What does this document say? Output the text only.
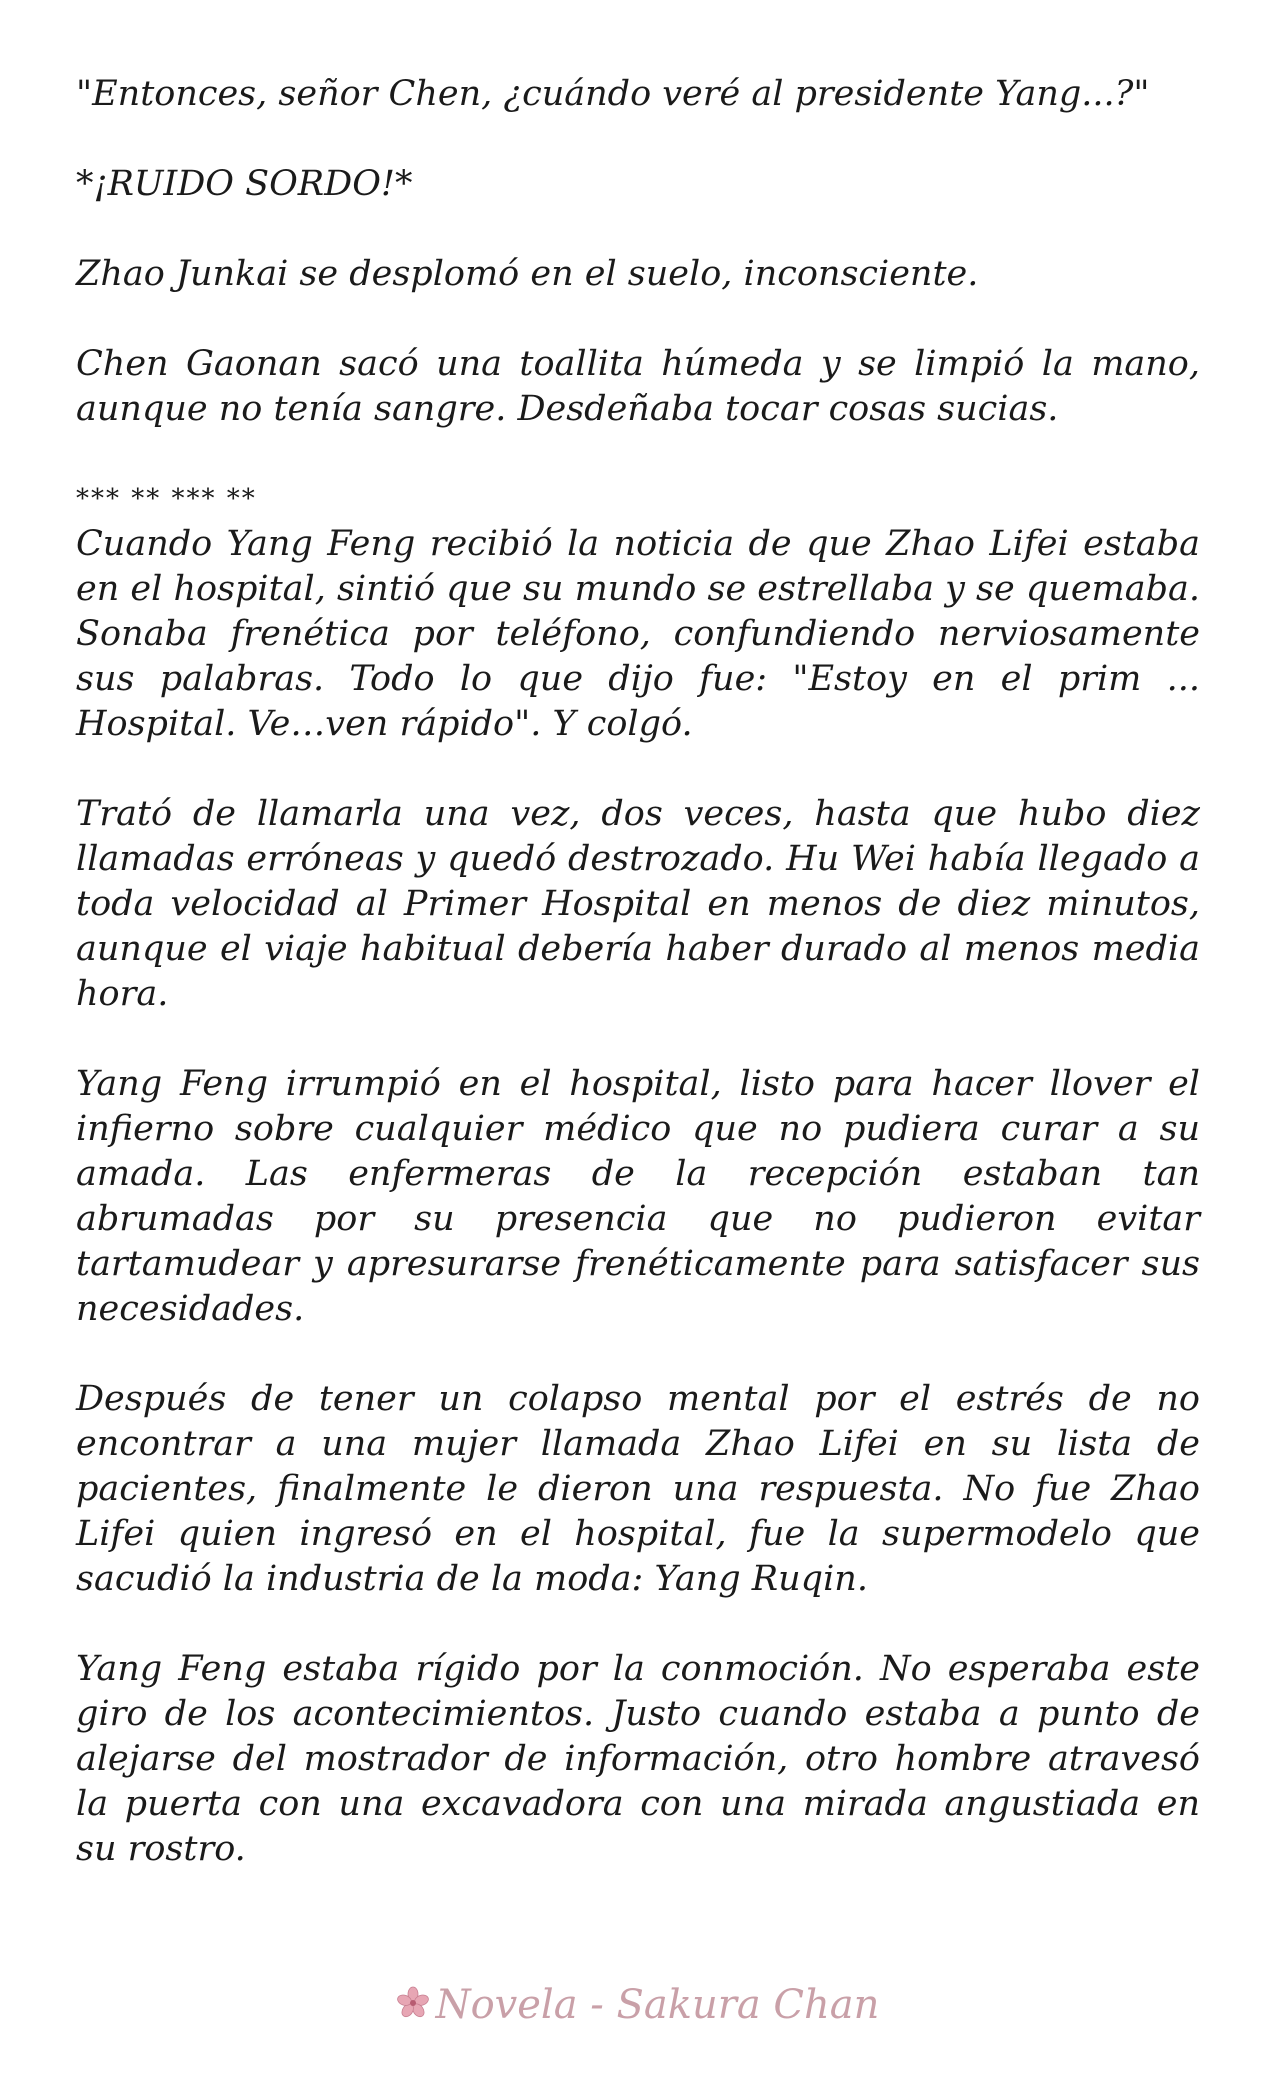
"Entonces, señor Chen, ¿cuándo veré al presidente Yang...?"

*¡RUIDO SORDO!*

Zhao Junkai se desplomó en el suelo, inconsciente.

Chen Gaonan sacó una toallita húmeda y se limpió la mano, aunque no tenía sangre. Desdeñaba tocar cosas sucias.

*** ** *** **

Cuando Yang Feng recibió la noticia de que Zhao Lifei estaba en el hospital, sintió que su mundo se estrellaba y se quemaba. Sonaba frenética por teléfono, confundiendo nerviosamente sus palabras. Todo lo que dijo fue: "Estoy en el prim ... Hospital. Ve…ven rápido". Y colgó.

Trató de llamarla una vez, dos veces, hasta que hubo diez llamadas erróneas y quedó destrozado. Hu Wei había llegado a toda velocidad al Primer Hospital en menos de diez minutos, aunque el viaje habitual debería haber durado al menos media hora.

Yang Feng irrumpió en el hospital, listo para hacer llover el infierno sobre cualquier médico que no pudiera curar a su amada. Las enfermeras de la recepción estaban tan abrumadas por su presencia que no pudieron evitar tartamudear y apresurarse frenéticamente para satisfacer sus necesidades.

Después de tener un colapso mental por el estrés de no encontrar a una mujer llamada Zhao Lifei en su lista de pacientes, finalmente le dieron una respuesta. No fue Zhao Lifei quien ingresó en el hospital, fue la supermodelo que sacudió la industria de la moda: Yang Ruqin.

Yang Feng estaba rígido por la conmoción. No esperaba este giro de los acontecimientos. Justo cuando estaba a punto de alejarse del mostrador de información, otro hombre atravesó la puerta con una excavadora con una mirada angustiada en su rostro.

Novela - Sakura Chan
